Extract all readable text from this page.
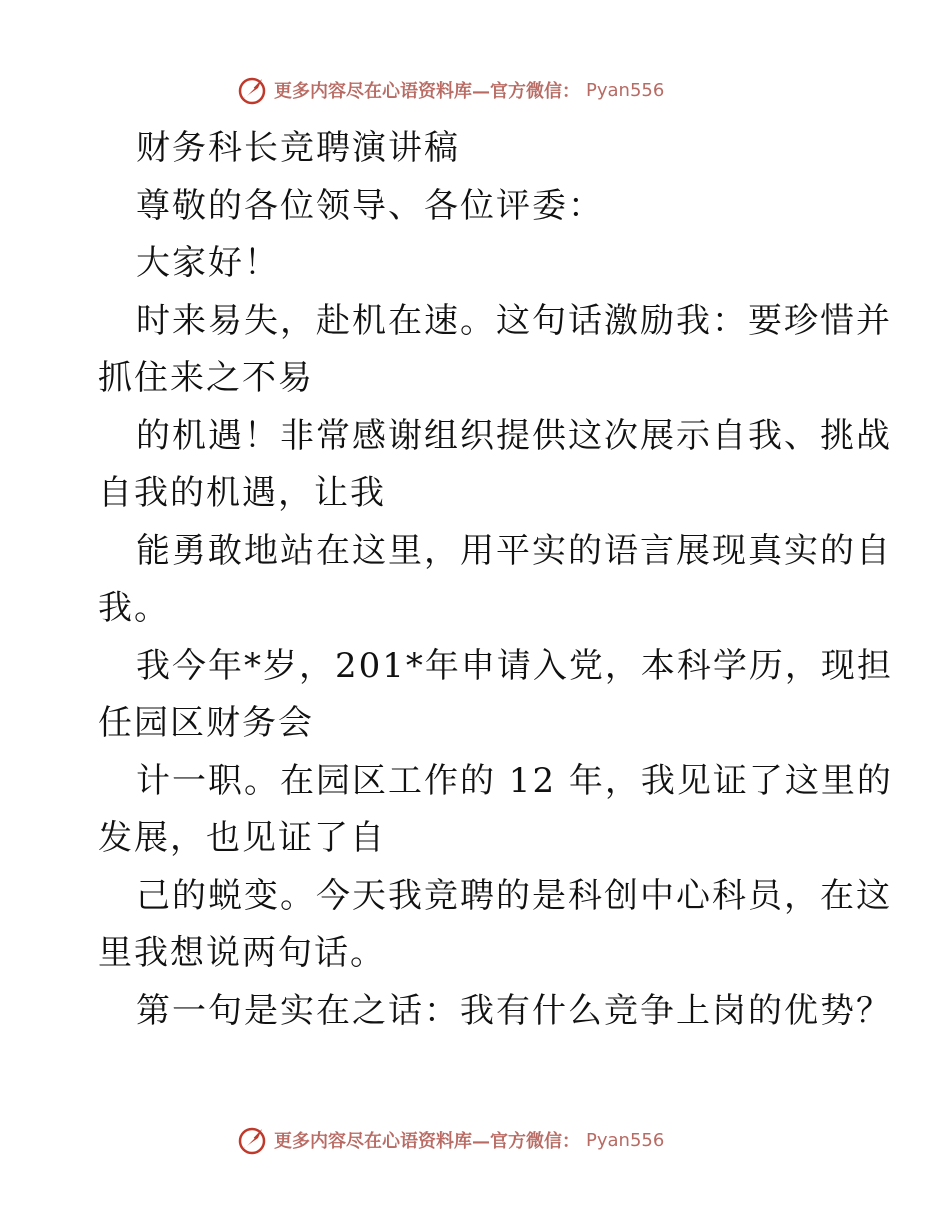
更多内容尽在心语资料库—官方微信： Pyan556
财务科长竞聘演讲稿
尊敬的各位领导、各位评委：
大家好！
时来易失，赴机在速。这句话激励我：要珍惜并
抓住来之不易
的机遇！非常感谢组织提供这次展示自我、挑战
自我的机遇，让我
能勇敢地站在这里，用平实的语言展现真实的自
我。
我今年*岁，201*年申请入党，本科学历，现担
任园区财务会
计一职。在园区工作的 12 年，我见证了这里的
发展，也见证了自
己的蜕变。今天我竞聘的是科创中心科员，在这
里我想说两句话。
第一句是实在之话：我有什么竞争上岗的优势？
更多内容尽在心语资料库—官方微信： Pyan556
